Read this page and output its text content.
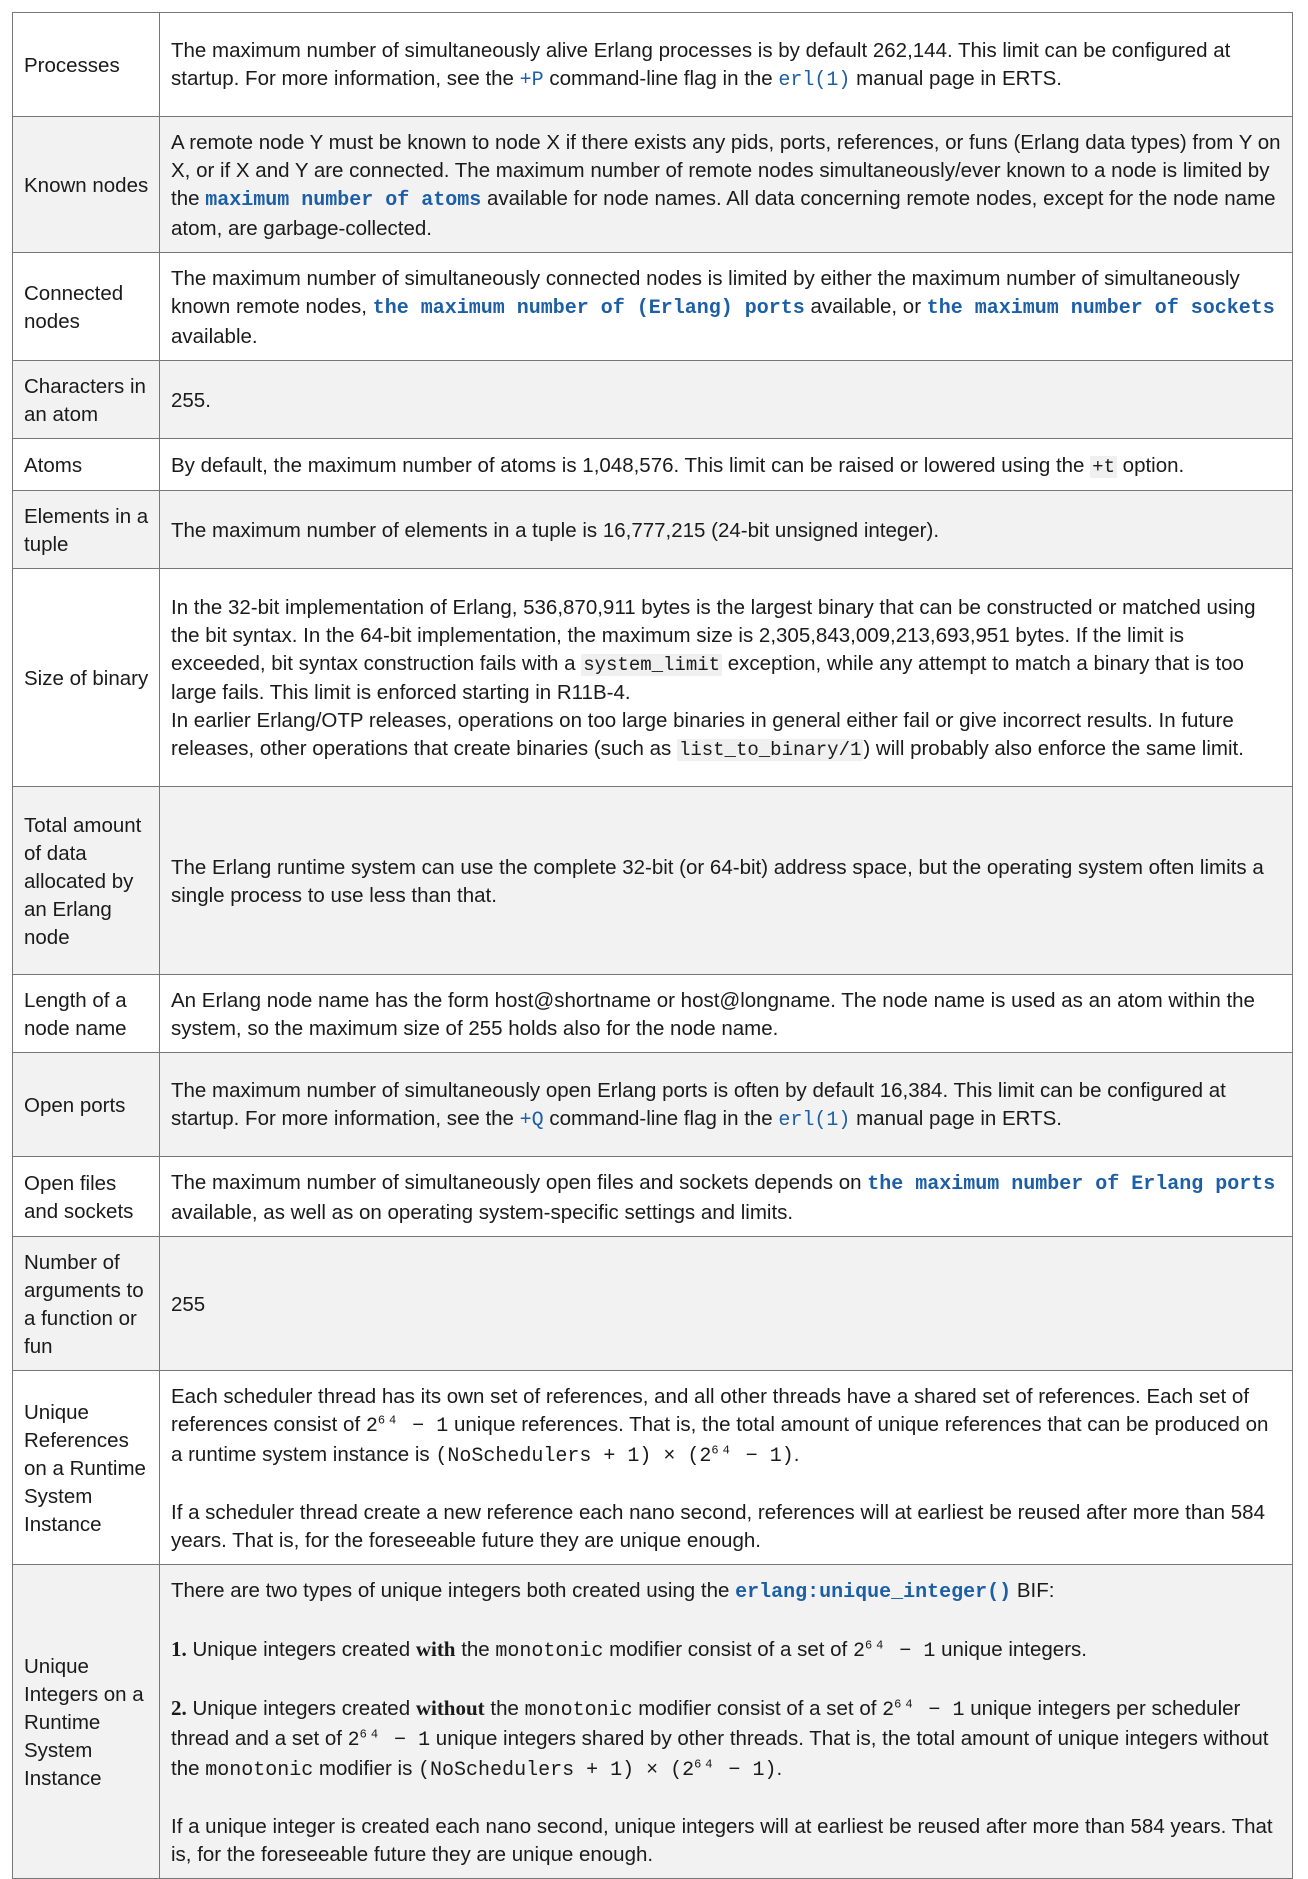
Processes	The maximum number of simultaneously alive Erlang processes is by default 262,144. This limit can be configured at startup. For more information, see the +P command-line flag in the erl(1) manual page in ERTS.
Known nodes	A remote node Y must be known to node X if there exists any pids, ports, references, or funs (Erlang data types) from Y on X, or if X and Y are connected. The maximum number of remote nodes simultaneously/ever known to a node is limited by the maximum number of atoms available for node names. All data concerning remote nodes, except for the node name atom, are garbage-collected.
Connected nodes	The maximum number of simultaneously connected nodes is limited by either the maximum number of simultaneously known remote nodes, the maximum number of (Erlang) ports available, or the maximum number of sockets available.
Characters in an atom	255.
Atoms	By default, the maximum number of atoms is 1,048,576. This limit can be raised or lowered using the +t option.
Elements in a tuple	The maximum number of elements in a tuple is 16,777,215 (24-bit unsigned integer).
Size of binary	In the 32-bit implementation of Erlang, 536,870,911 bytes is the largest binary that can be constructed or matched using the bit syntax. In the 64-bit implementation, the maximum size is 2,305,843,009,213,693,951 bytes. If the limit is exceeded, bit syntax construction fails with a system_limit exception, while any attempt to match a binary that is too large fails. This limit is enforced starting in R11B-4.
In earlier Erlang/OTP releases, operations on too large binaries in general either fail or give incorrect results. In future releases, other operations that create binaries (such as list_to_binary/1) will probably also enforce the same limit.

Total amount of data allocated by an Erlang node	The Erlang runtime system can use the complete 32-bit (or 64-bit) address space, but the operating system often limits a single process to use less than that.
Length of a node name	An Erlang node name has the form host@shortname or host@longname. The node name is used as an atom within the system, so the maximum size of 255 holds also for the node name.
Open ports	The maximum number of simultaneously open Erlang ports is often by default 16,384. This limit can be configured at startup. For more information, see the +Q command-line flag in the erl(1) manual page in ERTS.
Open files and sockets	The maximum number of simultaneously open files and sockets depends on the maximum number of Erlang ports available, as well as on operating system-specific settings and limits.
Number of arguments to a function or fun	255
Unique References on a Runtime System Instance	Each scheduler thread has its own set of references, and all other threads have a shared set of references. Each set of references consist of $2^{64} - 1$ unique references. That is, the total amount of unique references that can be produced on a runtime system instance is (NoSchedulers + $1) \times (2^{64} - 1)$.
If a scheduler thread create a new reference each nano second, references will at earliest be reused after more than 584 years. That is, for the foreseeable future they are unique enough.

Unique Integers on a Runtime System Instance	There are two types of unique integers both created using the erlang:unique_integer() BIF:
1. Unique integers created with the monotonic modifier consist of a set of $2^{64} - 1$ unique integers.
2. Unique integers created without the monotonic modifier consist of a set of $2^{64} - 1$ unique integers per scheduler thread and a set of $2^{64} - 1$ unique integers shared by other threads. That is, the total amount of unique integers without the monotonic modifier is (NoSchedulers + $1) \times (2^{64} - 1)$.
If a unique integer is created each nano second, unique integers will at earliest be reused after more than 584 years. That is, for the foreseeable future they are unique enough.
